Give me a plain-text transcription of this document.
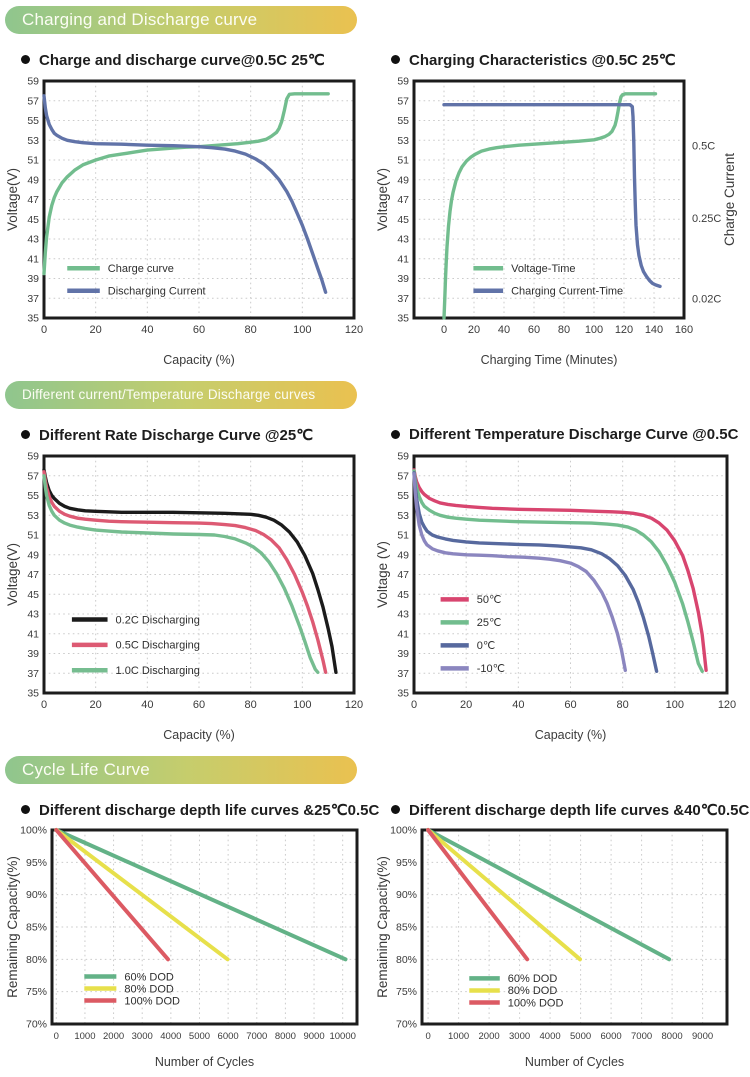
Charging and Discharge curve
Charge and discharge curve@0.5C 25℃
0	20	40	60	80	100	120
35
37
39
41
43
45
47
49
51
53
55
57
59
Capacity (%)
Voltage(V)
Charge curve
Discharging Current
Charging Characteristics @0.5C 25℃
0 20 40 60 80 100 120 140 160
35
37
39
41
43
45
47
49
51
53
55
57
59
0.5C
0.25C
0.02C
Charging Time (Minutes)
Voltage(V)	Charge Current
Voltage-Time
Charging Current-Time
Different current/Temperature Discharge curves
Different Rate Discharge Curve @25℃
0	20	40	60	80	100	120
35
37
39
41
43
45
47
49
51
53
55
57
59
Capacity (%)
Voltage(V)
0.2C Discharging
0.5C Discharging
1.0C Discharging
Different Temperature Discharge Curve @0.5C
0	20	40	60	80	100	120
35
37
39
41
43
45
47
49
51
53
55
57
59
Capacity (%)
Voltage (V)	50℃
25℃
0℃
-10℃
Cycle Life Curve
Different discharge depth life curves &25℃0.5C
0 1000 2000 3000 4000 5000 6000 7000 8000 9000 10000
70%
75%
80%
85%
90%
95%
100%
Number of Cycles
Remaining Capacity(%)	60% DOD
80% DOD
100% DOD
Different discharge depth life curves &40℃0.5C
0 1000 2000 3000 4000 5000 6000 7000 8000 9000
70%
75%
80%
85%
90%
95%
100%
Number of Cycles
Remaining Capacity(%)	60% DOD
80% DOD
100% DOD
